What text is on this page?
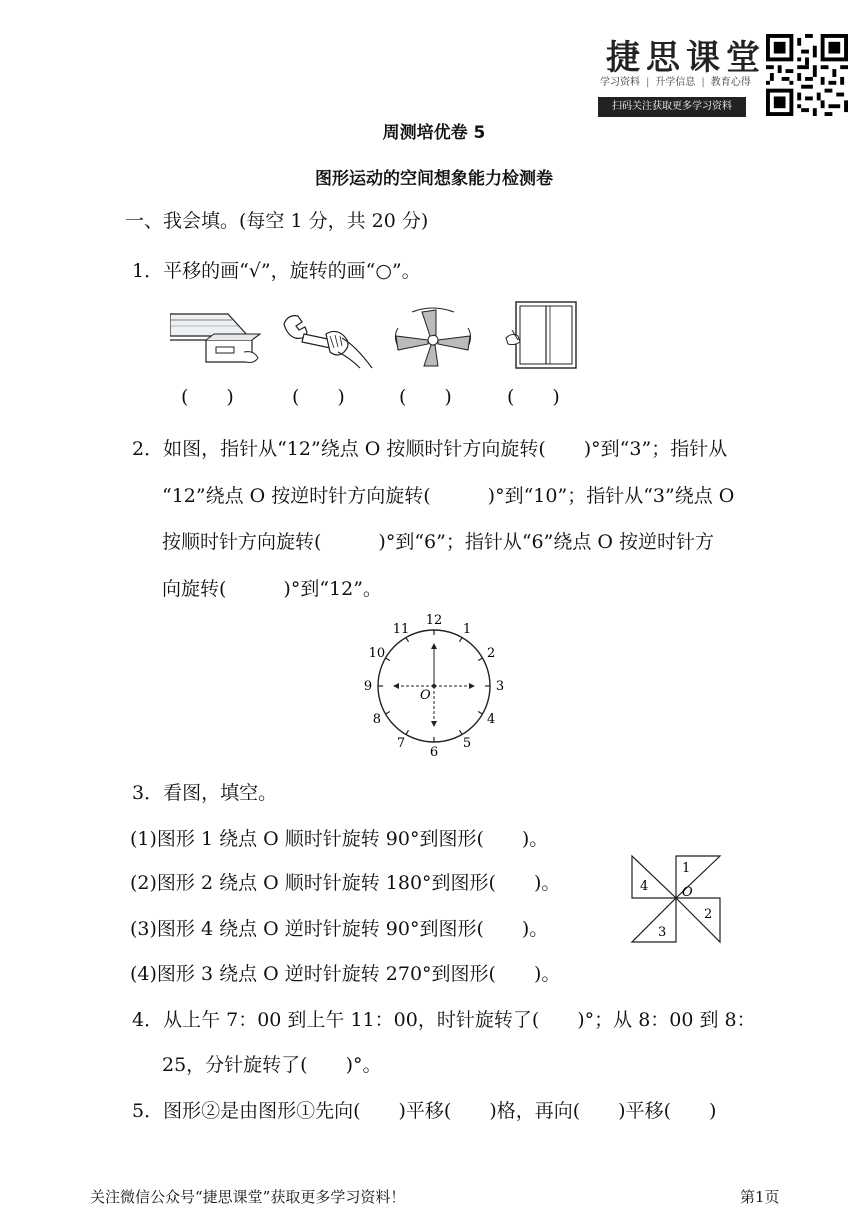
捷思课堂
学习资料 | 升学信息 | 教育心得
扫码关注获取更多学习资料
周测培优卷 5
图形运动的空间想象能力检测卷
一、我会填。(每空 1 分，共 20 分)
1．平移的画“√”，旋转的画“○”。
(　　)	(　　)	(　　)	(　　)
2．如图，指针从“12”绕点 O 按顺时针方向旋转(　　)°到“3”；指针从
“12”绕点 O 按逆时针方向旋转(　　　)°到“10”；指针从“3”绕点 O
按顺时针方向旋转(　　　)°到“6”；指针从“6”绕点 O 按逆时针方
向旋转(　　　)°到“12”。
O
12
1
2
3
4
5
6
7
8
9
10
11
3．看图，填空。
(1)图形 1 绕点 O 顺时针旋转 90°到图形(　　)。
(2)图形 2 绕点 O 顺时针旋转 180°到图形(　　)。
(3)图形 4 绕点 O 逆时针旋转 90°到图形(　　)。
(4)图形 3 绕点 O 逆时针旋转 270°到图形(　　)。
1
2
3
4	O
4．从上午 7：00 到上午 11：00，时针旋转了(　　)°；从 8：00 到 8：
25，分针旋转了(　　)°。
5．图形②是由图形①先向(　　)平移(　　)格，再向(　　)平移(　　)
关注微信公众号“捷思课堂”获取更多学习资料！	第1页
